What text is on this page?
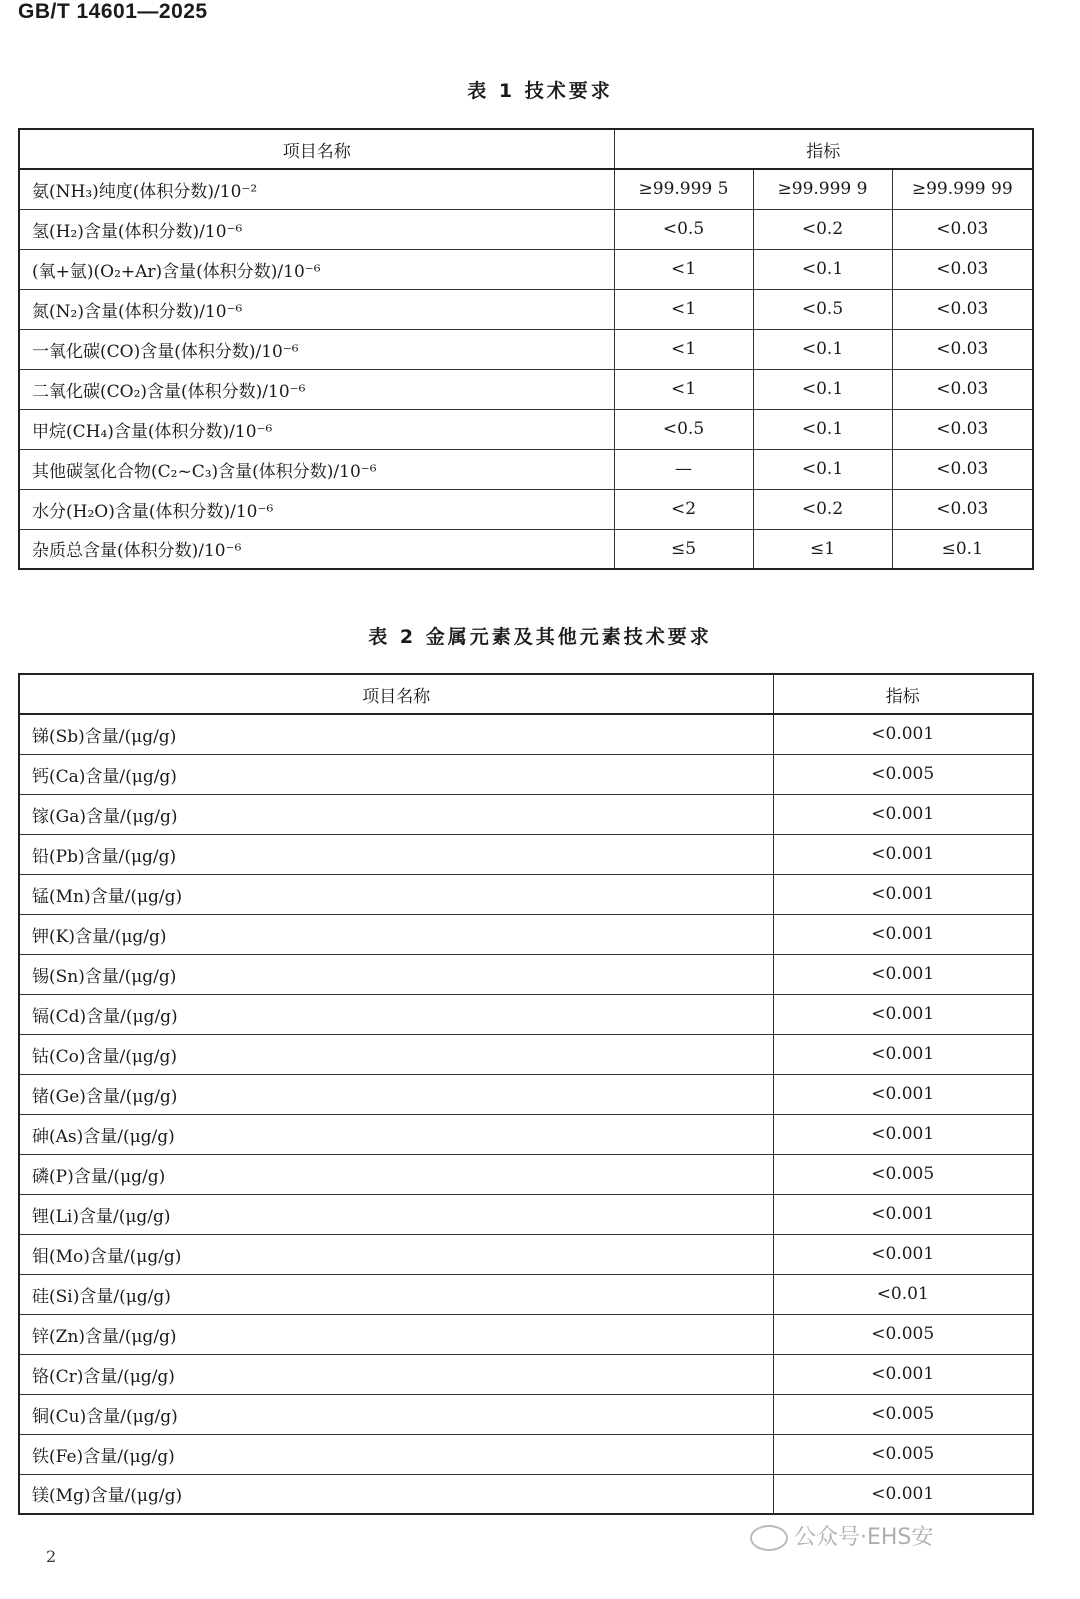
GB/T 14601—2025
表 1 技术要求
项目名称	指标		
氨(NH₃)纯度(体积分数)/10⁻²	≥99.999 5	≥99.999 9	≥99.999 99
氢(H₂)含量(体积分数)/10⁻⁶	<0.5	<0.2	<0.03
(氧+氩)(O₂+Ar)含量(体积分数)/10⁻⁶	<1	<0.1	<0.03
氮(N₂)含量(体积分数)/10⁻⁶	<1	<0.5	<0.03
一氧化碳(CO)含量(体积分数)/10⁻⁶	<1	<0.1	<0.03
二氧化碳(CO₂)含量(体积分数)/10⁻⁶	<1	<0.1	<0.03
甲烷(CH₄)含量(体积分数)/10⁻⁶	<0.5	<0.1	<0.03
其他碳氢化合物(C₂~C₃)含量(体积分数)/10⁻⁶	—	<0.1	<0.03
水分(H₂O)含量(体积分数)/10⁻⁶	<2	<0.2	<0.03
杂质总含量(体积分数)/10⁻⁶	≤5	≤1	≤0.1
表 2 金属元素及其他元素技术要求
项目名称	指标
锑(Sb)含量/(μg/g)	<0.001
钙(Ca)含量/(μg/g)	<0.005
镓(Ga)含量/(μg/g)	<0.001
铅(Pb)含量/(μg/g)	<0.001
锰(Mn)含量/(μg/g)	<0.001
钾(K)含量/(μg/g)	<0.001
锡(Sn)含量/(μg/g)	<0.001
镉(Cd)含量/(μg/g)	<0.001
钴(Co)含量/(μg/g)	<0.001
锗(Ge)含量/(μg/g)	<0.001
砷(As)含量/(μg/g)	<0.001
磷(P)含量/(μg/g)	<0.005
锂(Li)含量/(μg/g)	<0.001
钼(Mo)含量/(μg/g)	<0.001
硅(Si)含量/(μg/g)	<0.01
锌(Zn)含量/(μg/g)	<0.005
铬(Cr)含量/(μg/g)	<0.001
铜(Cu)含量/(μg/g)	<0.005
铁(Fe)含量/(μg/g)	<0.005
镁(Mg)含量/(μg/g)	<0.001
公众号·EHS安
2
